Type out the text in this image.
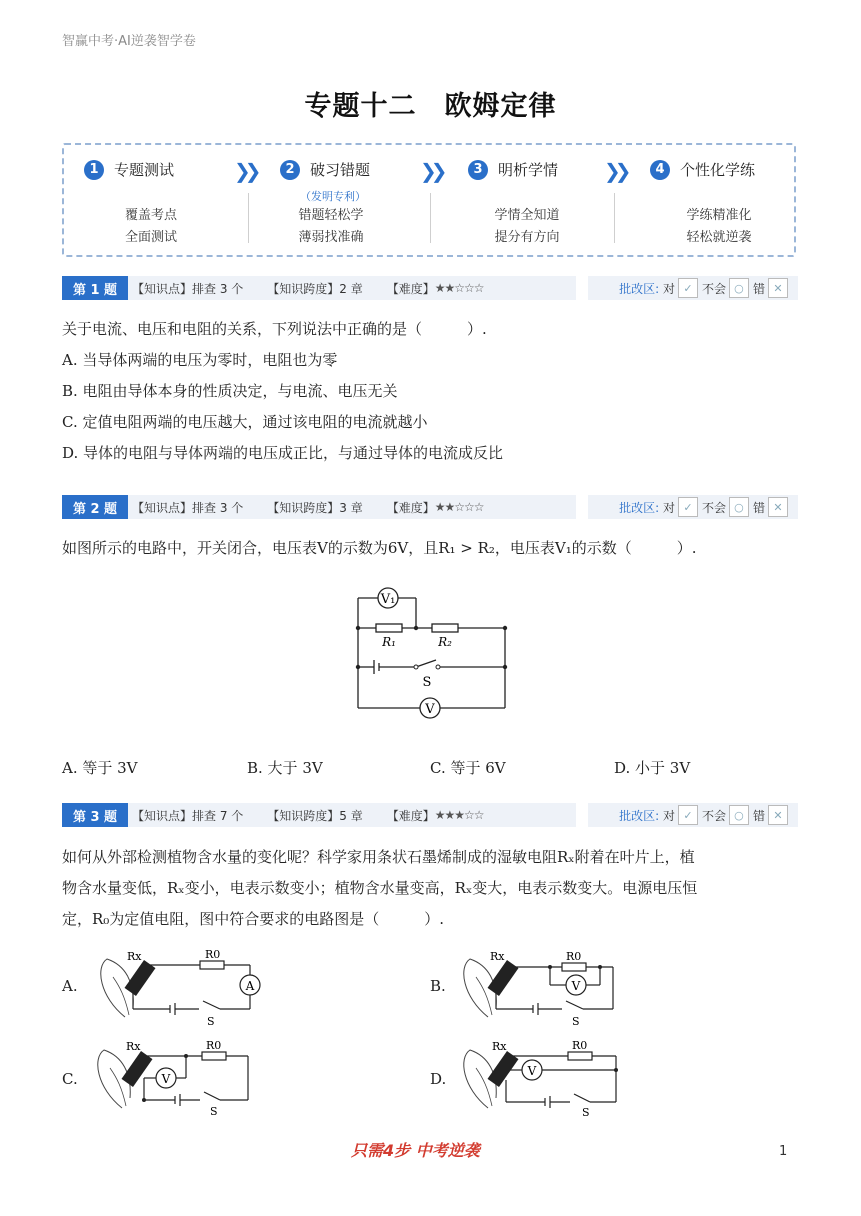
智赢中考·AI逆袭智学卷
专题十二　欧姆定律
1	专题测试	❯❯	2	破习错题
（发明专利）
❯❯	3	明析学情 ❯❯	4	个性化学练
覆盖考点
全面测试
错题轻松学
薄弱找准确
学情全知道
提分有方向
学练精准化
轻松就逆袭
第 1 题	【知识点】排查 3 个 【知识跨度】2 章 【难度】 ★★☆☆☆	批改区:
对 ✓ 不会 ○ 错 ✕
关于电流、电压和电阻的关系，下列说法中正确的是（　　　）.
A. 当导体两端的电压为零时，电阻也为零
B. 电阻由导体本身的性质决定，与电流、电压无关
C. 定值电阻两端的电压越大，通过该电阻的电流就越小
D. 导体的电阻与导体两端的电压成正比，与通过导体的电流成反比
第 2 题	【知识点】排查 3 个 【知识跨度】3 章 【难度】 ★★☆☆☆	批改区:
对 ✓ 不会 ○ 错 ✕
如图所示的电路中，开关闭合，电压表V的示数为6V，且R₁ > R₂，电压表V₁的示数（　　　）.
V₁
V
R₁	R₂
S
A. 等于 3V	B. 大于 3V	C. 等于 6V	D. 小于 3V
第 3 题	【知识点】排查 7 个 【知识跨度】5 章 【难度】 ★★★☆☆	批改区:
对 ✓ 不会 ○ 错 ✕
如何从外部检测植物含水量的变化呢？科学家用条状石墨烯制成的湿敏电阻Rₓ附着在叶片上，植
物含水量变低，Rₓ变小，电表示数变小；植物含水量变高，Rₓ变大，电表示数变大。电源电压恒
定，R₀为定值电阻，图中符合要求的电路图是（　　　）.
A.	A
Rx	R0
S
B.	V
Rx	R0
S
C.	V
Rx	R0
S
D.	V
Rx	R0
S
只需4步 中考逆袭	1
